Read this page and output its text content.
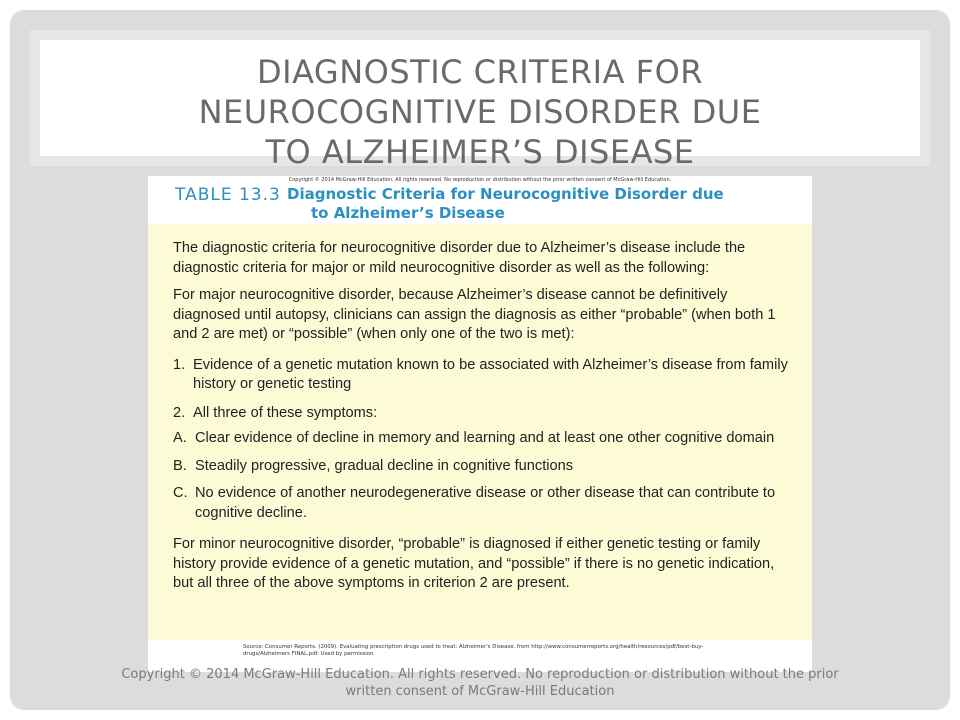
DIAGNOSTIC CRITERIA FOR
NEUROCOGNITIVE DISORDER DUE
TO ALZHEIMER’S DISEASE
Copyright © 2014 McGraw-Hill Education. All rights reserved. No reproduction or distribution without the prior written consent of McGraw-Hill Education.
TABLE 13.3 Diagnostic Criteria for Neurocognitive Disorder due
to Alzheimer’s Disease

The diagnostic criteria for neurocognitive disorder due to Alzheimer’s disease include the diagnostic criteria for major or mild neurocognitive disorder as well as the following:

For major neurocognitive disorder, because Alzheimer’s disease cannot be definitively diagnosed until autopsy, clinicians can assign the diagnosis as either “probable” (when both 1 and 2 are met) or “possible” (when only one of the two is met):

1. Evidence of a genetic mutation known to be associated with Alzheimer’s disease from family history or genetic testing

2. All three of these symptoms:

A. Clear evidence of decline in memory and learning and at least one other cognitive domain

B. Steadily progressive, gradual decline in cognitive functions

C. No evidence of another neurodegenerative disease or other disease that can contribute to cognitive decline.

For minor neurocognitive disorder, “probable” is diagnosed if either genetic testing or family history provide evidence of a genetic mutation, and “possible” if there is no genetic indication, but all three of the above symptoms in criterion 2 are present.

Source: Consumer Reports. (2009). Evaluating prescription drugs used to treat: Alzheimer’s Disease, from http://www.consumerreports.org/health/resources/pdf/best-buy-drugs/Alzheimers FINAL.pdf. Used by permission
Copyright © 2014 McGraw-Hill Education. All rights reserved. No reproduction or distribution without the prior
written consent of McGraw-Hill Education
